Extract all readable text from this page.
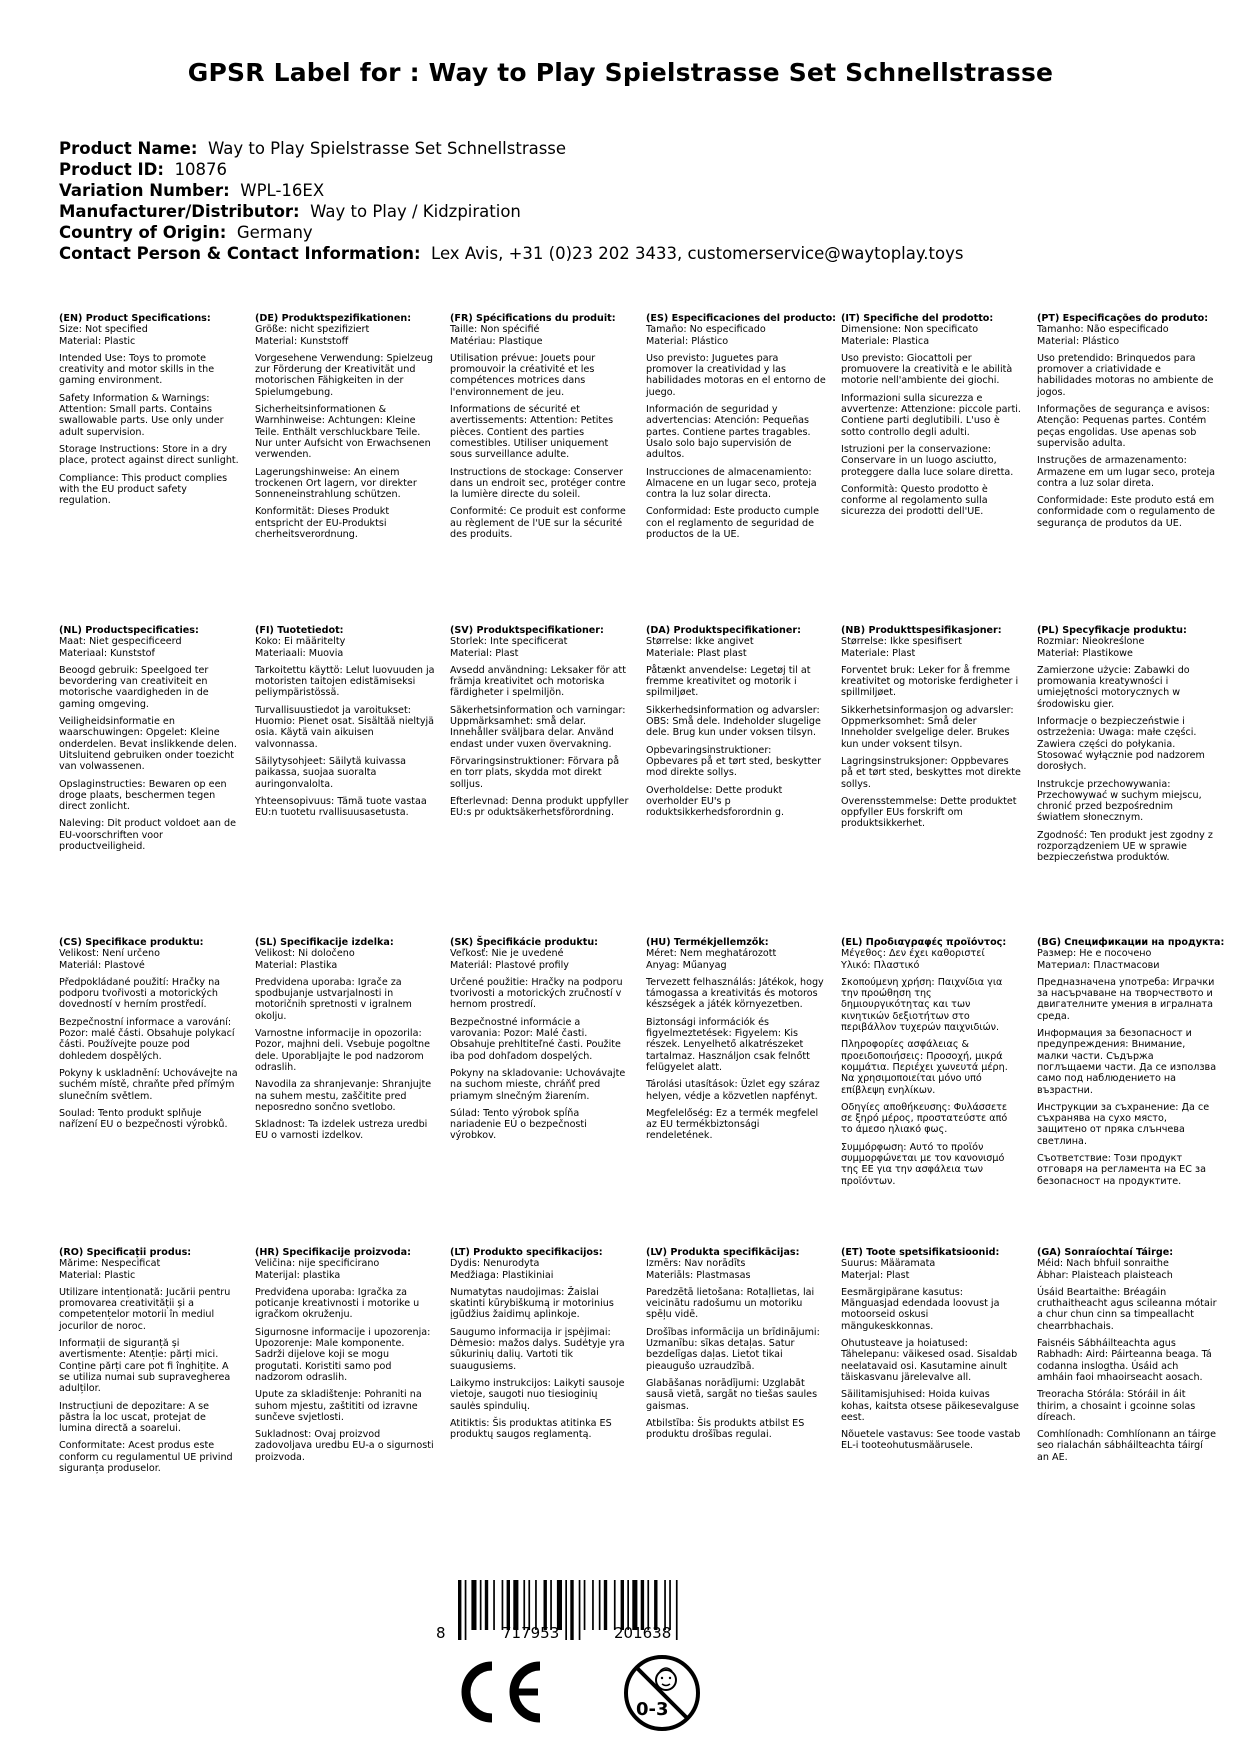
GPSR Label for : Way to Play Spielstrasse Set Schnellstrasse
Product Name: Way to Play Spielstrasse Set Schnellstrasse
Product ID: 10876
Variation Number: WPL-16EX
Manufacturer/Distributor: Way to Play / Kidzpiration
Country of Origin: Germany
Contact Person & Contact Information: Lex Avis, +31 (0)23 202 3433, customerservice@waytoplay.toys
(EN) Product Specifications:

Size: Not specified

Material: Plastic

Intended Use: Toys to promote creativity and motor skills in the gaming environment.

Safety Information & Warnings: Attention: Small parts. Contains swallowable parts. Use only under adult supervision.

Storage Instructions: Store in a dry place, protect against direct sunlight.

Compliance: This product complies with the EU product safety regulation.

(DE) Produktspezifikationen:

Größe: nicht spezifiziert

Material: Kunststoff

Vorgesehene Verwendung: Spielzeug zur Förderung der Kreativität und motorischen Fähigkeiten in der Spielumgebung.

Sicherheitsinformationen & Warnhinweise: Achtungen: Kleine Teile. Enthält verschluckbare Teile. Nur unter Aufsicht von Erwachsenen verwenden.

Lagerungshinweise: An einem trockenen Ort lagern, vor direkter Sonneneinstrahlung schützen.

Konformität: Dieses Produkt entspricht der EU-Produktsi cherheitsverordnung.

(FR) Spécifications du produit:

Taille: Non spécifié

Matériau: Plastique

Utilisation prévue: Jouets pour promouvoir la créativité et les compétences motrices dans l'environnement de jeu.

Informations de sécurité et avertissements: Attention: Petites pièces. Contient des parties comestibles. Utiliser uniquement sous surveillance adulte.

Instructions de stockage: Conserver dans un endroit sec, protéger contre la lumière directe du soleil.

Conformité: Ce produit est conforme au règlement de l'UE sur la sécurité des produits.

(ES) Especificaciones del producto:

Tamaño: No especificado

Material: Plástico

Uso previsto: Juguetes para promover la creatividad y las habilidades motoras en el entorno de juego.

Información de seguridad y advertencias: Atención: Pequeñas partes. Contiene partes tragables. Úsalo solo bajo supervisión de adultos.

Instrucciones de almacenamiento: Almacene en un lugar seco, proteja contra la luz solar directa.

Conformidad: Este producto cumple con el reglamento de seguridad de productos de la UE.

(IT) Specifiche del prodotto:

Dimensione: Non specificato

Materiale: Plastica

Uso previsto: Giocattoli per promuovere la creatività e le abilità motorie nell'ambiente dei giochi.

Informazioni sulla sicurezza e avvertenze: Attenzione: piccole parti. Contiene parti deglutibili. L'uso è sotto controllo degli adulti.

Istruzioni per la conservazione: Conservare in un luogo asciutto, proteggere dalla luce solare diretta.

Conformità: Questo prodotto è conforme al regolamento sulla sicurezza dei prodotti dell'UE.

(PT) Especificações do produto:

Tamanho: Não especificado

Material: Plástico

Uso pretendido: Brinquedos para promover a criatividade e habilidades motoras no ambiente de jogos.

Informações de segurança e avisos: Atenção: Pequenas partes. Contém peças engolidas. Use apenas sob supervisão adulta.

Instruções de armazenamento: Armazene em um lugar seco, proteja contra a luz solar direta.

Conformidade: Este produto está em conformidade com o regulamento de segurança de produtos da UE.

(NL) Productspecificaties:

Maat: Niet gespecificeerd

Materiaal: Kunststof

Beoogd gebruik: Speelgoed ter bevordering van creativiteit en motorische vaardigheden in de gaming omgeving.

Veiligheidsinformatie en waarschuwingen: Opgelet: Kleine onderdelen. Bevat inslikkende delen. Uitsluitend gebruiken onder toezicht van volwassenen.

Opslaginstructies: Bewaren op een droge plaats, beschermen tegen direct zonlicht.

Naleving: Dit product voldoet aan de EU-voorschriften voor productveiligheid.

(FI) Tuotetiedot:

Koko: Ei määritelty

Materiaali: Muovia

Tarkoitettu käyttö: Lelut luovuuden ja motoristen taitojen edistämiseksi peliympäristössä.

Turvallisuustiedot ja varoitukset: Huomio: Pienet osat. Sisältää nieltyjä osia. Käytä vain aikuisen valvonnassa.

Säilytysohjeet: Säilytä kuivassa paikassa, suojaa suoralta auringonvalolta.

Yhteensopivuus: Tämä tuote vastaa EU:n tuotetu rvallisuusasetusta.

(SV) Produktspecifikationer:

Storlek: Inte specificerat

Material: Plast

Avsedd användning: Leksaker för att främja kreativitet och motoriska färdigheter i spelmiljön.

Säkerhetsinformation och varningar: Uppmärksamhet: små delar. Innehåller sväljbara delar. Använd endast under vuxen övervakning.

Förvaringsinstruktioner: Förvara på en torr plats, skydda mot direkt solljus.

Efterlevnad: Denna produkt uppfyller EU:s pr oduktsäkerhetsförordning.

(DA) Produktspecifikationer:

Størrelse: Ikke angivet

Materiale: Plast plast

Påtænkt anvendelse: Legetøj til at fremme kreativitet og motorik i spilmiljøet.

Sikkerhedsinformation og advarsler: OBS: Små dele. Indeholder slugelige dele. Brug kun under voksen tilsyn.

Opbevaringsinstruktioner: Opbevares på et tørt sted, beskytter mod direkte sollys.

Overholdelse: Dette produkt overholder EU's p roduktsikkerhedsforordnin g.

(NB) Produkttspesifikasjoner:

Størrelse: Ikke spesifisert

Materiale: Plast

Forventet bruk: Leker for å fremme kreativitet og motoriske ferdigheter i spillmiljøet.

Sikkerhetsinformasjon og advarsler: Oppmerksomhet: Små deler Inneholder svelgelige deler. Brukes kun under voksent tilsyn.

Lagringsinstruksjoner: Oppbevares på et tørt sted, beskyttes mot direkte sollys.

Overensstemmelse: Dette produktet oppfyller EUs forskrift om produktsikkerhet.

(PL) Specyfikacje produktu:

Rozmiar: Nieokreślone

Materiał: Plastikowe

Zamierzone użycie: Zabawki do promowania kreatywności i umiejętności motorycznych w środowisku gier.

Informacje o bezpieczeństwie i ostrzeżenia: Uwaga: małe części. Zawiera części do połykania. Stosować wyłącznie pod nadzorem dorosłych.

Instrukcje przechowywania: Przechowywać w suchym miejscu, chronić przed bezpośrednim światłem słonecznym.

Zgodność: Ten produkt jest zgodny z rozporządzeniem UE w sprawie bezpieczeństwa produktów.

(CS) Specifikace produktu:

Velikost: Není určeno

Materiál: Plastové

Předpokládané použití: Hračky na podporu tvořivosti a motorických dovedností v herním prostředí.

Bezpečnostní informace a varování: Pozor: malé části. Obsahuje polykací části. Používejte pouze pod dohledem dospělých.

Pokyny k uskladnění: Uchovávejte na suchém místě, chraňte před přímým slunečním světlem.

Soulad: Tento produkt splňuje nařízení EU o bezpečnosti výrobků.

(SL) Specifikacije izdelka:

Velikost: Ni določeno

Material: Plastika

Predvidena uporaba: Igrače za spodbujanje ustvarjalnosti in motoričnih spretnosti v igralnem okolju.

Varnostne informacije in opozorila: Pozor, majhni deli. Vsebuje pogoltne dele. Uporabljajte le pod nadzorom odraslih.

Navodila za shranjevanje: Shranjujte na suhem mestu, zaščitite pred neposredno sončno svetlobo.

Skladnost: Ta izdelek ustreza uredbi EU o varnosti izdelkov.

(SK) Špecifikácie produktu:

Veľkosť: Nie je uvedené

Materiál: Plastové profily

Určené použitie: Hračky na podporu tvorivosti a motorických zručností v hernom prostredí.

Bezpečnostné informácie a varovania: Pozor: Malé časti. Obsahuje prehltiteľné časti. Použite iba pod dohľadom dospelých.

Pokyny na skladovanie: Uchovávajte na suchom mieste, chráňť pred priamym slnečným žiarením.

Súlad: Tento výrobok spĺňa nariadenie EÚ o bezpečnosti výrobkov.

(HU) Termékjellemzők:

Méret: Nem meghatározott

Anyag: Műanyag

Tervezett felhasználás: Játékok, hogy támogassa a kreativitás és motoros készségek a játék környezetben.

Biztonsági információk és figyelmeztetések: Figyelem: Kis részek. Lenyelhető alkatrészeket tartalmaz. Használjon csak felnőtt felügyelet alatt.

Tárolási utasítások: Üzlet egy száraz helyen, védje a közvetlen napfényt.

Megfelelőség: Ez a termék megfelel az EU termékbiztonsági rendeletének.

(EL) Προδιαγραφές προϊόντος:

Μέγεθος: Δεν έχει καθοριστεί

Υλικό: Πλαστικό

Σκοπούμενη χρήση: Παιχνίδια για την προώθηση της δημιουργικότητας και των κινητικών δεξιοτήτων στο περιβάλλον τυχερών παιχνιδιών.

Πληροφορίες ασφάλειας & προειδοποιήσεις: Προσοχή, μικρά κομμάτια. Περιέχει χωνευτά μέρη. Να χρησιμοποιείται μόνο υπό επίβλεψη ενηλίκων.

Οδηγίες αποθήκευσης: Φυλάσσετε σε ξηρό μέρος, προστατεύστε από το άμεσο ηλιακό φως.

Συμμόρφωση: Αυτό το προϊόν συμμορφώνεται με τον κανονισμό της ΕΕ για την ασφάλεια των προϊόντων.

(BG) Спецификации на продукта:

Размер: Не е посочено

Материал: Пластмасови

Предназначена употреба: Играчки за насърчаване на творчеството и двигателните умения в игралната среда.

Информация за безопасност и предупреждения: Внимание, малки части. Съдържа поглъщаеми части. Да се използва само под наблюдението на възрастни.

Инструкции за съхранение: Да се съхранява на сухо място, защитено от пряка слънчева светлина.

Съответствие: Този продукт отговаря на регламента на ЕС за безопасност на продуктите.

(RO) Specificații produs:

Mărime: Nespecificat

Material: Plastic

Utilizare intenționată: Jucării pentru promovarea creativității și a competențelor motorii în mediul jocurilor de noroc.

Informații de siguranță și avertismente: Atenție: părți mici. Conține părți care pot fi înghițite. A se utiliza numai sub supravegherea adulților.

Instrucțiuni de depozitare: A se păstra la loc uscat, protejat de lumina directă a soarelui.

Conformitate: Acest produs este conform cu regulamentul UE privind siguranța produselor.

(HR) Specifikacije proizvoda:

Veličina: nije specificirano

Materijal: plastika

Predviđena uporaba: Igračka za poticanje kreativnosti i motorike u igračkom okruženju.

Sigurnosne informacije i upozorenja: Upozorenje: Male komponente. Sadrži dijelove koji se mogu progutati. Koristiti samo pod nadzorom odraslih.

Upute za skladištenje: Pohraniti na suhom mjestu, zaštititi od izravne sunčeve svjetlosti.

Sukladnost: Ovaj proizvod zadovoljava uredbu EU-a o sigurnosti proizvoda.

(LT) Produkto specifikacijos:

Dydis: Nenurodyta

Medžiaga: Plastikiniai

Numatytas naudojimas: Žaislai skatinti kūrybiškumą ir motorinius įgūdžius žaidimų aplinkoje.

Saugumo informacija ir įspėjimai: Dėmesio: mažos dalys. Sudėtyje yra sūkurinių dalių. Vartoti tik suaugusiems.

Laikymo instrukcijos: Laikyti sausoje vietoje, saugoti nuo tiesioginių saulės spindulių.

Atitiktis: Šis produktas atitinka ES produktų saugos reglamentą.

(LV) Produkta specifikācijas:

Izmērs: Nav norādīts

Materiāls: Plastmasas

Paredzētā lietošana: Rotaļlietas, lai veicinātu radošumu un motoriku spēļu vidē.

Drošības informācija un brīdinājumi: Uzmanību: sīkas detaļas. Satur bezdelīgas daļas. Lietot tikai pieaugušo uzraudzībā.

Glabāšanas norādījumi: Uzglabāt sausā vietā, sargāt no tiešas saules gaismas.

Atbilstība: Šis produkts atbilst ES produktu drošības regulai.

(ET) Toote spetsifikatsioonid:

Suurus: Määramata

Materjal: Plast

Eesmärgipärane kasutus: Mänguasjad edendada loovust ja motoorseid oskusi mängukeskkonnas.

Ohutusteave ja hoiatused: Tähelepanu: väikesed osad. Sisaldab neelatavaid osi. Kasutamine ainult täiskasvanu järelevalve all.

Säilitamisjuhised: Hoida kuivas kohas, kaitsta otsese päikesevalguse eest.

Nõuetele vastavus: See toode vastab EL-i tooteohutusmäärusele.

(GA) Sonraíochtaí Táirge:

Méid: Nach bhfuil sonraithe

Ábhar: Plaisteach plaisteach

Úsáid Beartaithe: Bréagáin cruthaitheacht agus scileanna mótair a chur chun cinn sa timpeallacht chearrbhachais.

Faisnéis Sábháilteachta agus Rabhadh: Aird: Páirteanna beaga. Tá codanna inslogtha. Úsáid ach amháin faoi mhaoirseacht aosach.

Treoracha Stórála: Stóráil in áit thirim, a chosaint i gcoinne solas díreach.

Comhlíonadh: Comhlíonann an táirge seo rialachán sábháilteachta táirgí an AE.

8	717953	201638
0-3
